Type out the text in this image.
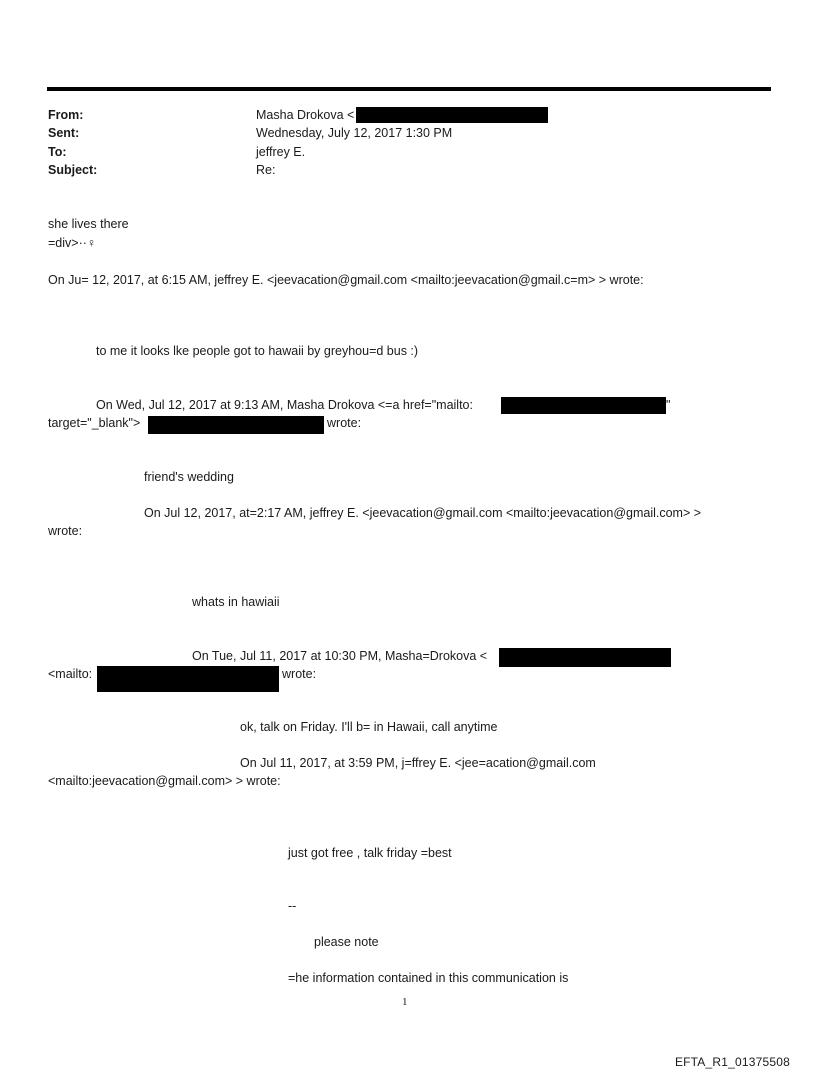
From:	Masha Drokova <
Sent:	Wednesday, July 12, 2017 1:30 PM
To:	jeffrey E.
Subject:	Re:
she lives there
=div>··♀
On Ju= 12, 2017, at 6:15 AM, jeffrey E. <jeevacation@gmail.com <mailto:jeevacation@gmail.c=m> > wrote:
to me it looks lke people got to hawaii by greyhou=d bus :)
On Wed, Jul 12, 2017 at 9:13 AM, Masha Drokova <=a href="mailto:	"
target="_blank">	wrote:
friend's wedding
On Jul 12, 2017, at=2:17 AM, jeffrey E. <jeevacation@gmail.com <mailto:jeevacation@gmail.com> >
wrote:
whats in hawiaii
On Tue, Jul 11, 2017 at 10:30 PM, Masha=Drokova <
<mailto:	wrote:
ok, talk on Friday. I'll b= in Hawaii, call anytime
On Jul 11, 2017, at 3:59 PM, j=ffrey E. <jee=acation@gmail.com
<mailto:jeevacation@gmail.com> > wrote:
just got free , talk friday =best
--
please note
=he information contained in this communication is
1
EFTA_R1_01375508
